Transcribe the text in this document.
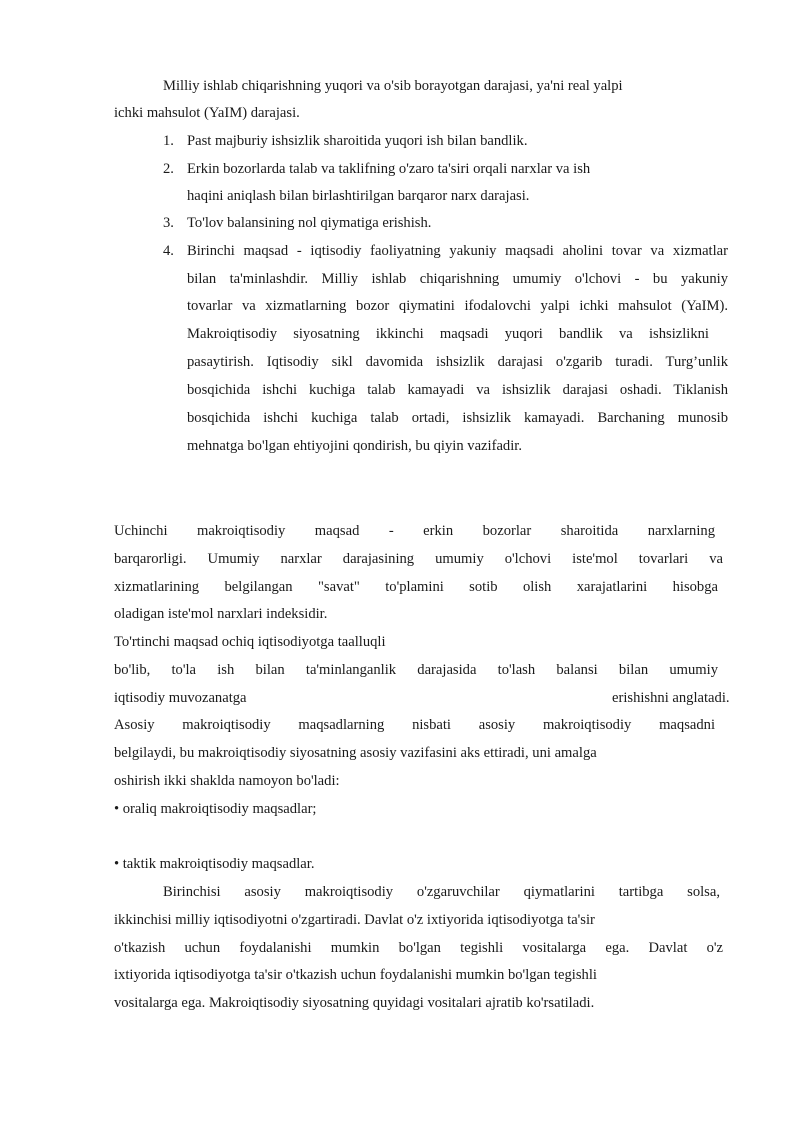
Milliy ishlab chiqarishning yuqori va o'sib borayotgan darajasi, ya'ni real yalpi
ichki mahsulot (YaIM) darajasi.
1. Past majburiy ishsizlik sharoitida yuqori ish bilan bandlik.
2. Erkin bozorlarda talab va taklifning o'zaro ta'siri orqali narxlar va ish
haqini aniqlash bilan birlashtirilgan barqaror narx darajasi.
3. To'lov balansining nol qiymatiga erishish.
4. Birinchi maqsad - iqtisodiy faoliyatning yakuniy maqsadi aholini tovar va xizmatlar
bilan ta'minlashdir. Milliy ishlab chiqarishning umumiy o'lchovi - bu yakuniy
tovarlar va xizmatlarning bozor qiymatini ifodalovchi yalpi ichki mahsulot (YaIM).
Makroiqtisodiy siyosatning ikkinchi maqsadi yuqori bandlik va ishsizlikni
pasaytirish. Iqtisodiy sikl davomida ishsizlik darajasi o'zgarib turadi. Turg’unlik
bosqichida ishchi kuchiga talab kamayadi va ishsizlik darajasi oshadi. Tiklanish
bosqichida ishchi kuchiga talab ortadi, ishsizlik kamayadi. Barchaning munosib
mehnatga bo'lgan ehtiyojini qondirish, bu qiyin vazifadir.
Uchinchi makroiqtisodiy maqsad - erkin bozorlar sharoitida narxlarning
barqarorligi. Umumiy narxlar darajasining umumiy o'lchovi iste'mol tovarlari va
xizmatlarining belgilangan "savat" to'plamini sotib olish xarajatlarini hisobga
oladigan iste'mol narxlari indeksidir.
To'rtinchi maqsad ochiq iqtisodiyotga taalluqli
bo'lib, to'la ish bilan ta'minlanganlik darajasida to'lash balansi bilan umumiy
iqtisodiy muvozanatga	erishishni anglatadi.
Asosiy makroiqtisodiy maqsadlarning nisbati asosiy makroiqtisodiy maqsadni
belgilaydi, bu makroiqtisodiy siyosatning asosiy vazifasini aks ettiradi, uni amalga
oshirish ikki shaklda namoyon bo'ladi:
• oraliq makroiqtisodiy maqsadlar;
• taktik makroiqtisodiy maqsadlar.
Birinchisi asosiy makroiqtisodiy o'zgaruvchilar qiymatlarini tartibga solsa,
ikkinchisi milliy iqtisodiyotni o'zgartiradi. Davlat o'z ixtiyorida iqtisodiyotga ta'sir
o'tkazish uchun foydalanishi mumkin bo'lgan tegishli vositalarga ega. Davlat o'z
ixtiyorida iqtisodiyotga ta'sir o'tkazish uchun foydalanishi mumkin bo'lgan tegishli
vositalarga ega. Makroiqtisodiy siyosatning quyidagi vositalari ajratib ko'rsatiladi.
